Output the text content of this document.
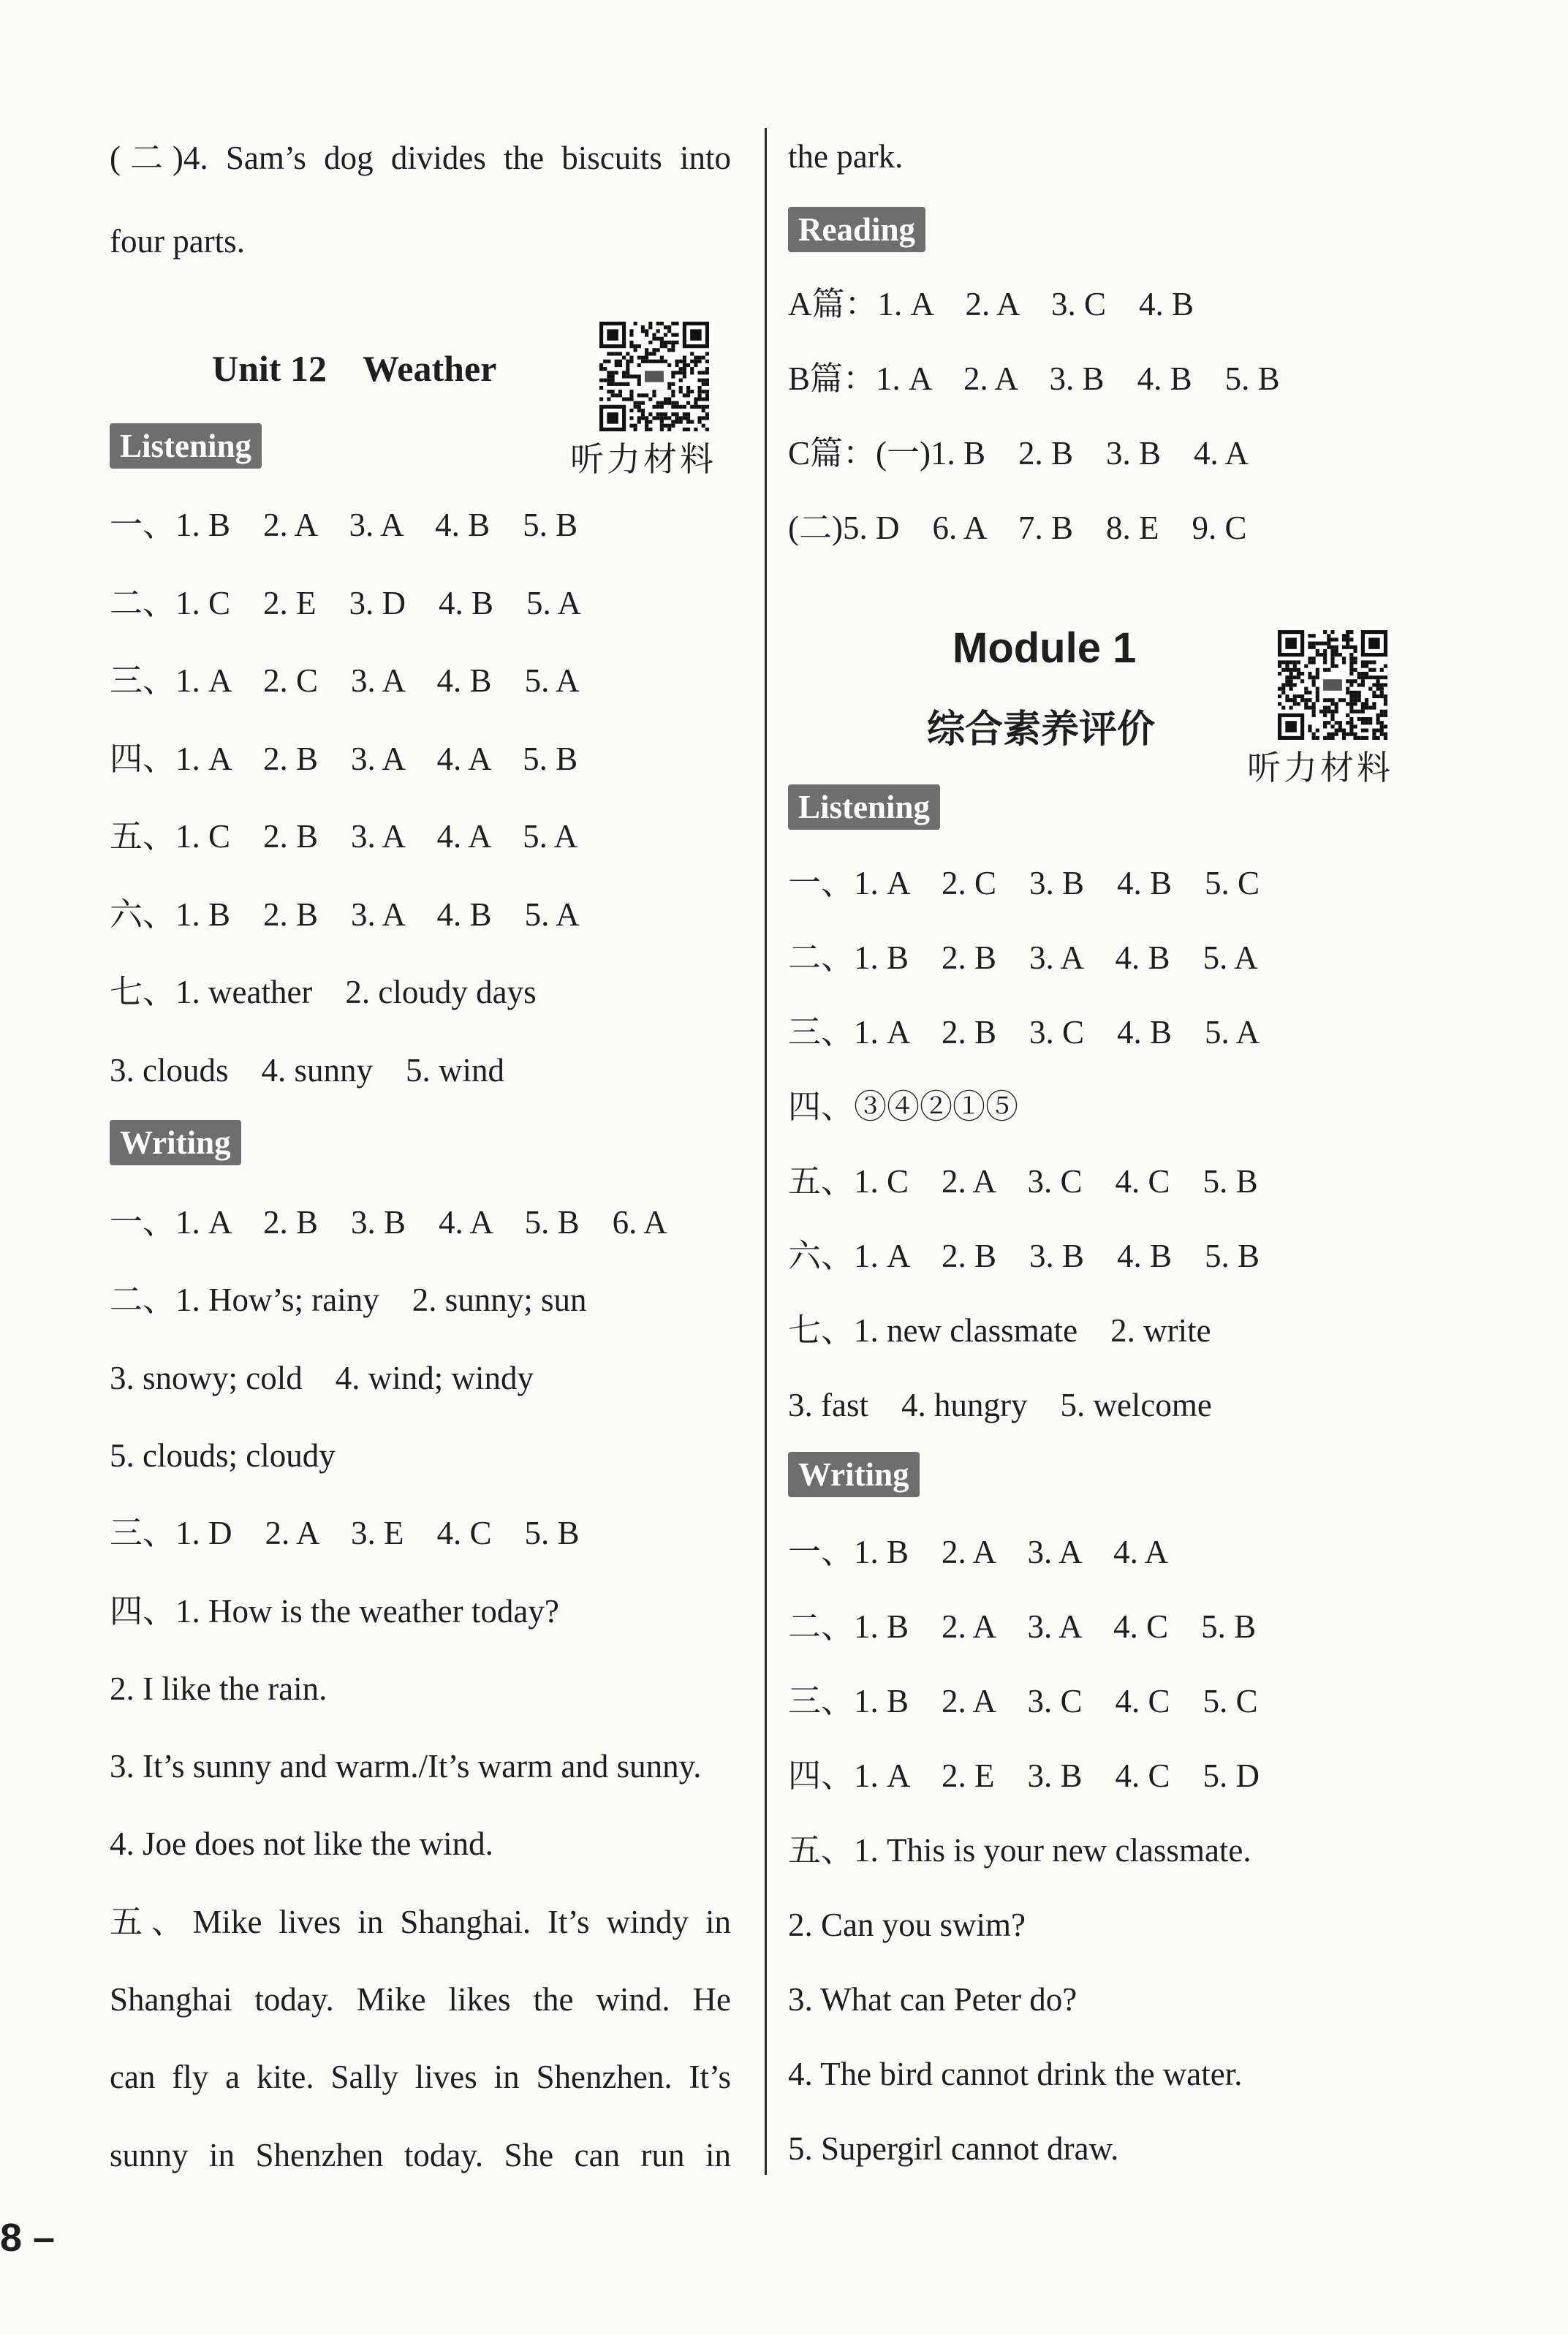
(二)4. Sam’s dog divides the biscuits into
four parts.
Unit 12    Weather
听力材料
Listening
一、1. B    2. A    3. A    4. B    5. B
二、1. C    2. E    3. D    4. B    5. A
三、1. A    2. C    3. A    4. B    5. A
四、1. A    2. B    3. A    4. A    5. B
五、1. C    2. B    3. A    4. A    5. A
六、1. B    2. B    3. A    4. B    5. A
七、1. weather    2. cloudy days
3. clouds    4. sunny    5. wind
Writing
一、1. A    2. B    3. B    4. A    5. B    6. A
二、1. How’s; rainy    2. sunny; sun
3. snowy; cold    4. wind; windy
5. clouds; cloudy
三、1. D    2. A    3. E    4. C    5. B
四、1. How is the weather today?
2. I like the rain.
3. It’s sunny and warm./It’s warm and sunny.
4. Joe does not like the wind.
五、Mike lives in Shanghai. It’s windy in
Shanghai today. Mike likes the wind. He
can fly a kite. Sally lives in Shenzhen. It’s
sunny in Shenzhen today. She can run in
8 –
the park.
Reading
A篇：1. A    2. A    3. C    4. B
B篇：1. A    2. A    3. B    4. B    5. B
C篇：(一)1. B    2. B    3. B    4. A
(二)5. D    6. A    7. B    8. E    9. C
Module 1
综合素养评价
听力材料
Listening
一、1. A    2. C    3. B    4. B    5. C
二、1. B    2. B    3. A    4. B    5. A
三、1. A    2. B    3. C    4. B    5. A
四、③④②①⑤
五、1. C    2. A    3. C    4. C    5. B
六、1. A    2. B    3. B    4. B    5. B
七、1. new classmate    2. write
3. fast    4. hungry    5. welcome
Writing
一、1. B    2. A    3. A    4. A
二、1. B    2. A    3. A    4. C    5. B
三、1. B    2. A    3. C    4. C    5. C
四、1. A    2. E    3. B    4. C    5. D
五、1. This is your new classmate.
2. Can you swim?
3. What can Peter do?
4. The bird cannot drink the water.
5. Supergirl cannot draw.
